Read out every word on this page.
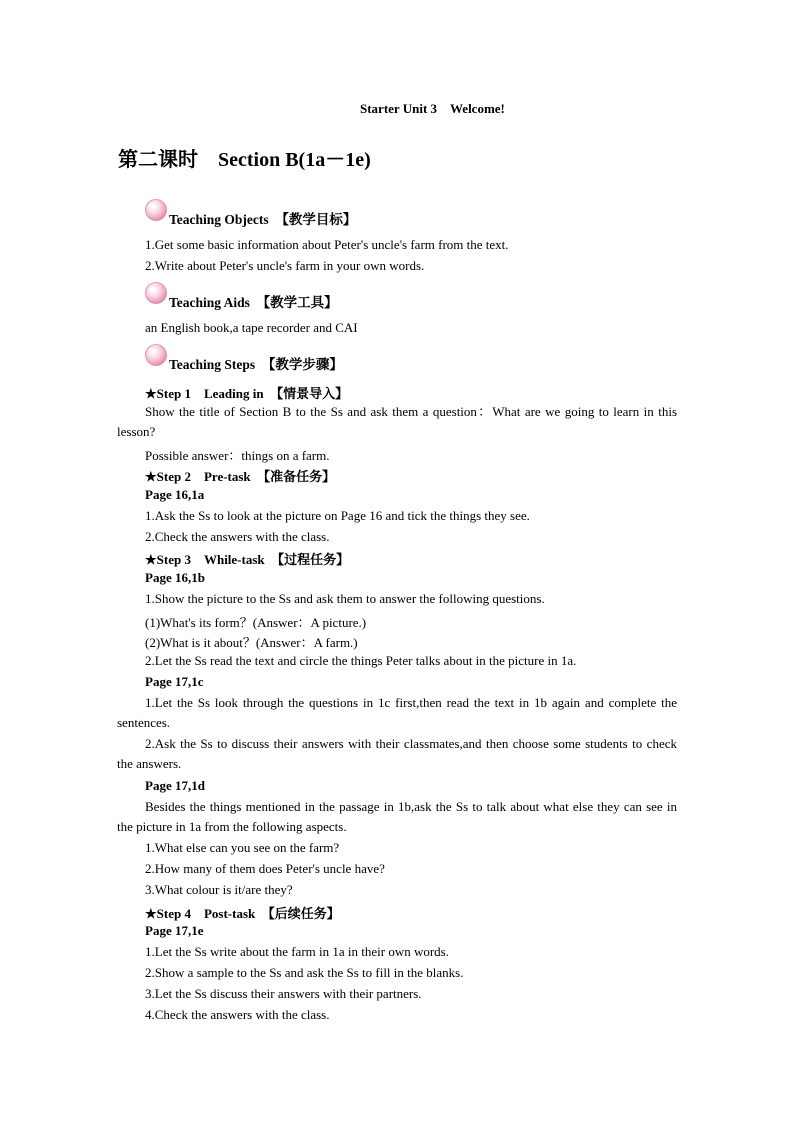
Starter Unit 3　Welcome!
第二课时　Section B(1a－1e)
Teaching Objects　【教学目标】
1.Get some basic information about Peter's uncle's farm from the text.
2.Write about Peter's uncle's farm in your own words.
Teaching Aids　【教学工具】
an English book,a tape recorder and CAI
Teaching Steps　【教学步骤】
★Step 1　Leading in　【情景导入】
Show the title of Section B to the Ss and ask them a question：What are we going to learn in this lesson?
Possible answer：things on a farm.
★Step 2　Pre-task　【准备任务】
Page 16,1a
1.Ask the Ss to look at the picture on Page 16 and tick the things they see.
2.Check the answers with the class.
★Step 3　While-task　【过程任务】
Page 16,1b
1.Show the picture to the Ss and ask them to answer the following questions.
(1)What's its form？(Answer：A picture.)
(2)What is it about？(Answer：A farm.)
2.Let the Ss read the text and circle the things Peter talks about in the picture in 1a.
Page 17,1c
1.Let the Ss look through the questions in 1c first,then read the text in 1b again and complete the sentences.
2.Ask the Ss to discuss their answers with their classmates,and then choose some students to check the answers.
Page 17,1d
Besides the things mentioned in the passage in 1b,ask the Ss to talk about what else they can see in the picture in 1a from the following aspects.
1.What else can you see on the farm?
2.How many of them does Peter's uncle have?
3.What colour is it/are they?
★Step 4　Post-task　【后续任务】
Page 17,1e
1.Let the Ss write about the farm in 1a in their own words.
2.Show a sample to the Ss and ask the Ss to fill in the blanks.
3.Let the Ss discuss their answers with their partners.
4.Check the answers with the class.
